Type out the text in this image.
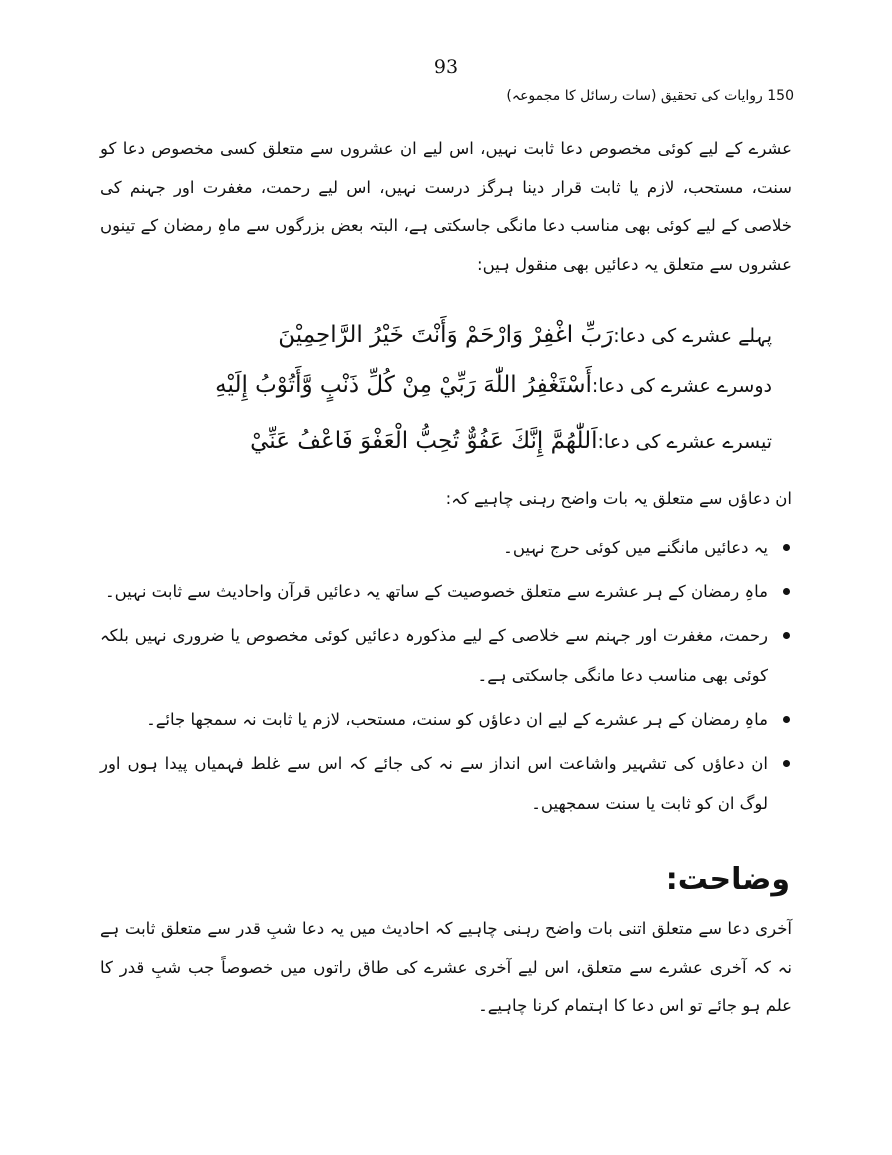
93
150 روایات کی تحقیق (سات رسائل کا مجموعہ)
عشرے کے لیے کوئی مخصوص دعا ثابت نہیں، اس لیے ان عشروں سے متعلق کسی مخصوص دعا کو سنت، مستحب، لازم یا ثابت قرار دینا ہرگز درست نہیں، اس لیے رحمت، مغفرت اور جہنم کی خلاصی کے لیے کوئی بھی مناسب دعا مانگی جاسکتی ہے، البتہ بعض بزرگوں سے ماہِ رمضان کے تینوں عشروں سے متعلق یہ دعائیں بھی منقول ہیں:
پہلے عشرے کی دعا:رَبِّ اغْفِرْ وَارْحَمْ وَأَنْتَ خَيْرُ الرَّاحِمِيْنَ
دوسرے عشرے کی دعا:أَسْتَغْفِرُ اللّٰهَ رَبِّيْ مِنْ كُلِّ ذَنْبٍ وَّأَتُوْبُ إِلَيْهِ
تیسرے عشرے کی دعا:اَللّٰهُمَّ إِنَّكَ عَفُوٌّ تُحِبُّ الْعَفْوَ فَاعْفُ عَنِّيْ
ان دعاؤں سے متعلق یہ بات واضح رہنی چاہیے کہ:
یہ دعائیں مانگنے میں کوئی حرج نہیں۔
ماہِ رمضان کے ہر عشرے سے متعلق خصوصیت کے ساتھ یہ دعائیں قرآن واحادیث سے ثابت نہیں۔
رحمت، مغفرت اور جہنم سے خلاصی کے لیے مذکورہ دعائیں کوئی مخصوص یا ضروری نہیں بلکہ کوئی بھی مناسب دعا مانگی جاسکتی ہے۔
ماہِ رمضان کے ہر عشرے کے لیے ان دعاؤں کو سنت، مستحب، لازم یا ثابت نہ سمجھا جائے۔
ان دعاؤں کی تشہیر واشاعت اس انداز سے نہ کی جائے کہ اس سے غلط فہمیاں پیدا ہوں اور لوگ ان کو ثابت یا سنت سمجھیں۔
وضاحت:
آخری دعا سے متعلق اتنی بات واضح رہنی چاہیے کہ احادیث میں یہ دعا شبِ قدر سے متعلق ثابت ہے نہ کہ آخری عشرے سے متعلق، اس لیے آخری عشرے کی طاق راتوں میں خصوصاً جب شبِ قدر کا علم ہو جائے تو اس دعا کا اہتمام کرنا چاہیے۔
